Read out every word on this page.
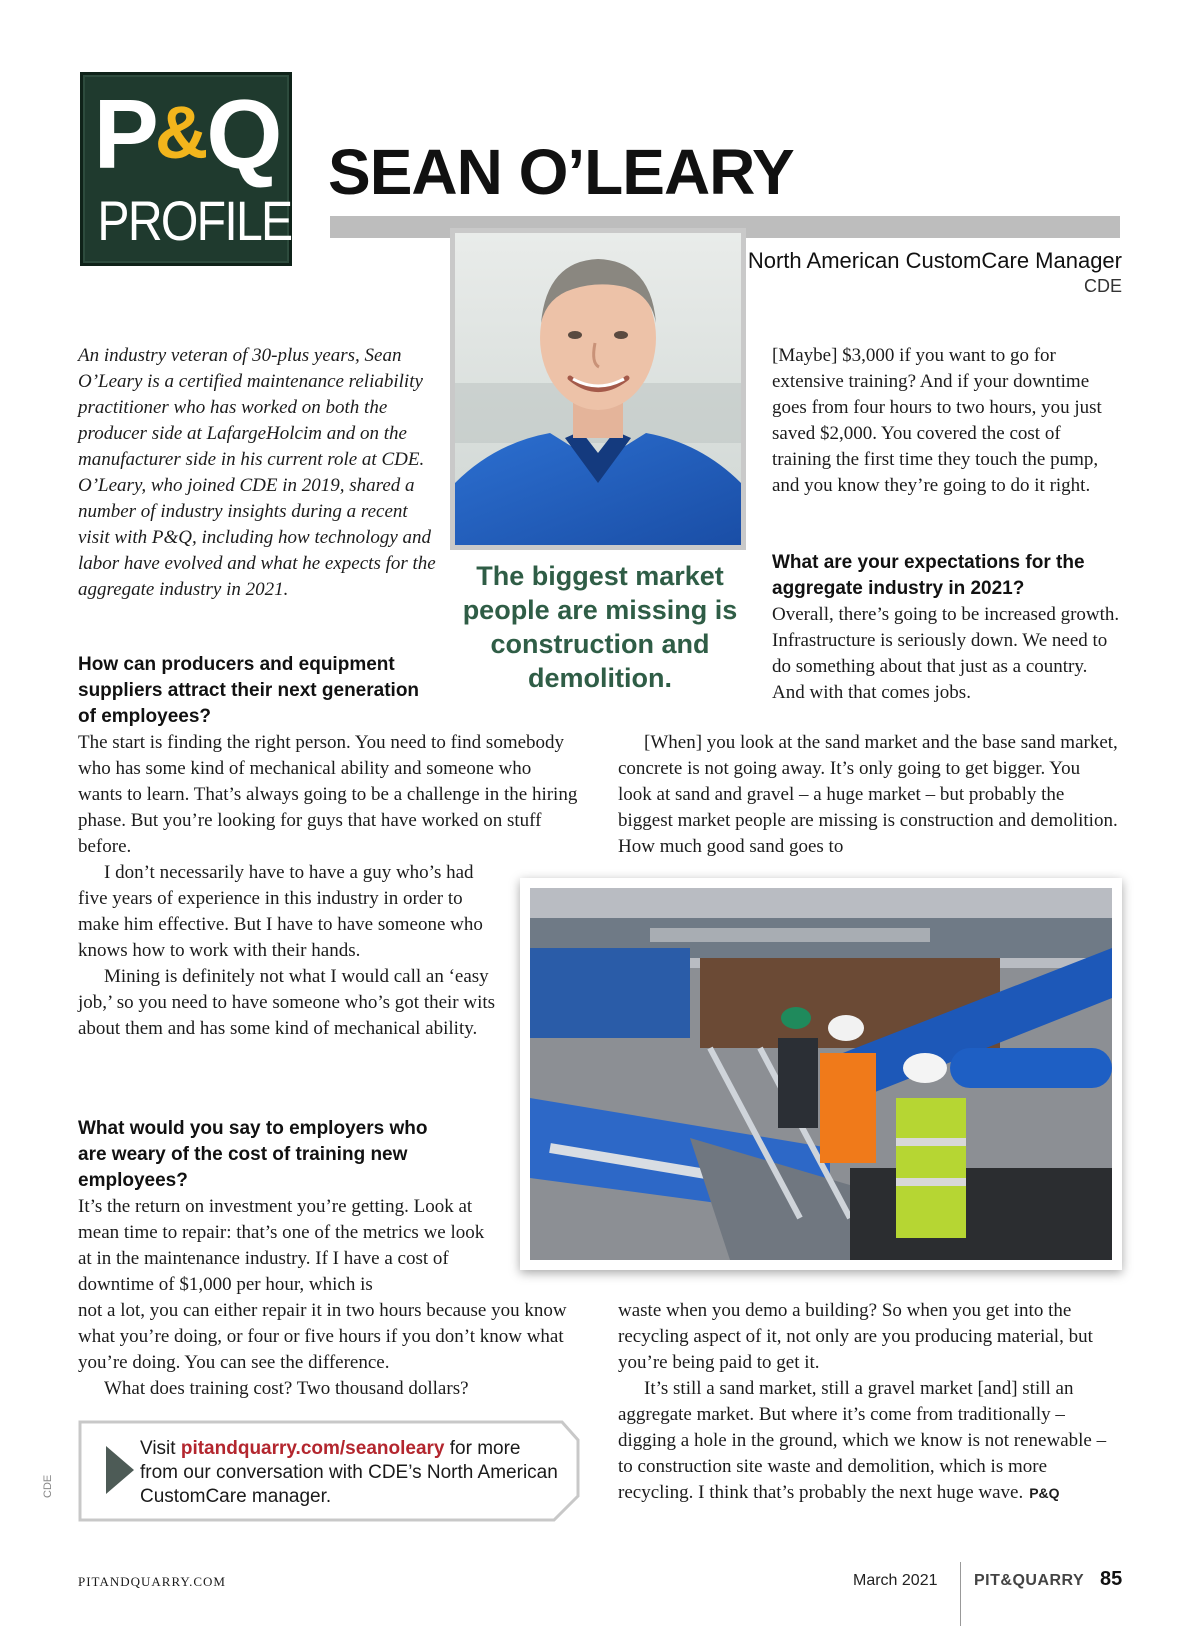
P&Q
PROFILE
SEAN O’LEARY
North American CustomCare Manager
CDE
The biggest market people are missing is construction and demolition.
An industry veteran of 30-plus years, Sean O’Leary is a certified maintenance reliability practitioner who has worked on both the producer side at LafargeHolcim and on the manufacturer side in his current role at CDE. O’Leary, who joined CDE in 2019, shared a number of industry insights during a recent visit with P&Q, including how technology and labor have evolved and what he expects for the aggregate industry in 2021.
How can producers and equipment suppliers attract their next generation of employees?
The start is finding the right person. You need to find somebody who has some kind of mechanical ability and someone who wants to learn. That’s always going to be a challenge in the hiring phase. But you’re looking for guys that have worked on stuff before.

I don’t necessarily have to have a guy who’s had five years of experience in this industry in order to make him effective. But I have to have someone who knows how to work with their hands.

Mining is definitely not what I would call an ‘easy job,’ so you need to have someone who’s got their wits about them and has some kind of mechanical ability.

What would you say to employers who are weary of the cost of training new employees?
It’s the return on investment you’re getting. Look at mean time to repair: that’s one of the metrics we look at in the maintenance industry. If I have a cost of downtime of $1,000 per hour, which is

not a lot, you can either repair it in two hours because you know what you’re doing, or four or five hours if you don’t know what you’re doing. You can see the difference.

What does training cost? Two thousand dollars?

[Maybe] $3,000 if you want to go for extensive training? And if your downtime goes from four hours to two hours, you just saved $2,000. You covered the cost of training the first time they touch the pump, and you know they’re going to do it right.
What are your expectations for the aggregate industry in 2021?
Overall, there’s going to be increased growth. Infrastructure is seriously down. We need to do something about that just as a country. And with that comes jobs.

[When] you look at the sand market and the base sand market, concrete is not going away. It’s only going to get bigger. You look at sand and gravel – a huge market – but probably the biggest market people are missing is construction and demolition. How much good sand goes to

waste when you demo a building? So when you get into the recycling aspect of it, not only are you producing material, but you’re being paid to get it.

It’s still a sand market, still a gravel market [and] still an aggregate market. But where it’s come from traditionally – digging a hole in the ground, which we know is not renewable – to construction site waste and demolition, which is more recycling. I think that’s probably the next huge wave. P&Q

Visit pitandquarry.com/seanoleary for more from our conversation with CDE’s North American CustomCare manager.
CDE
PITANDQUARRY.COM	March 2021 PIT&QUARRY 85
